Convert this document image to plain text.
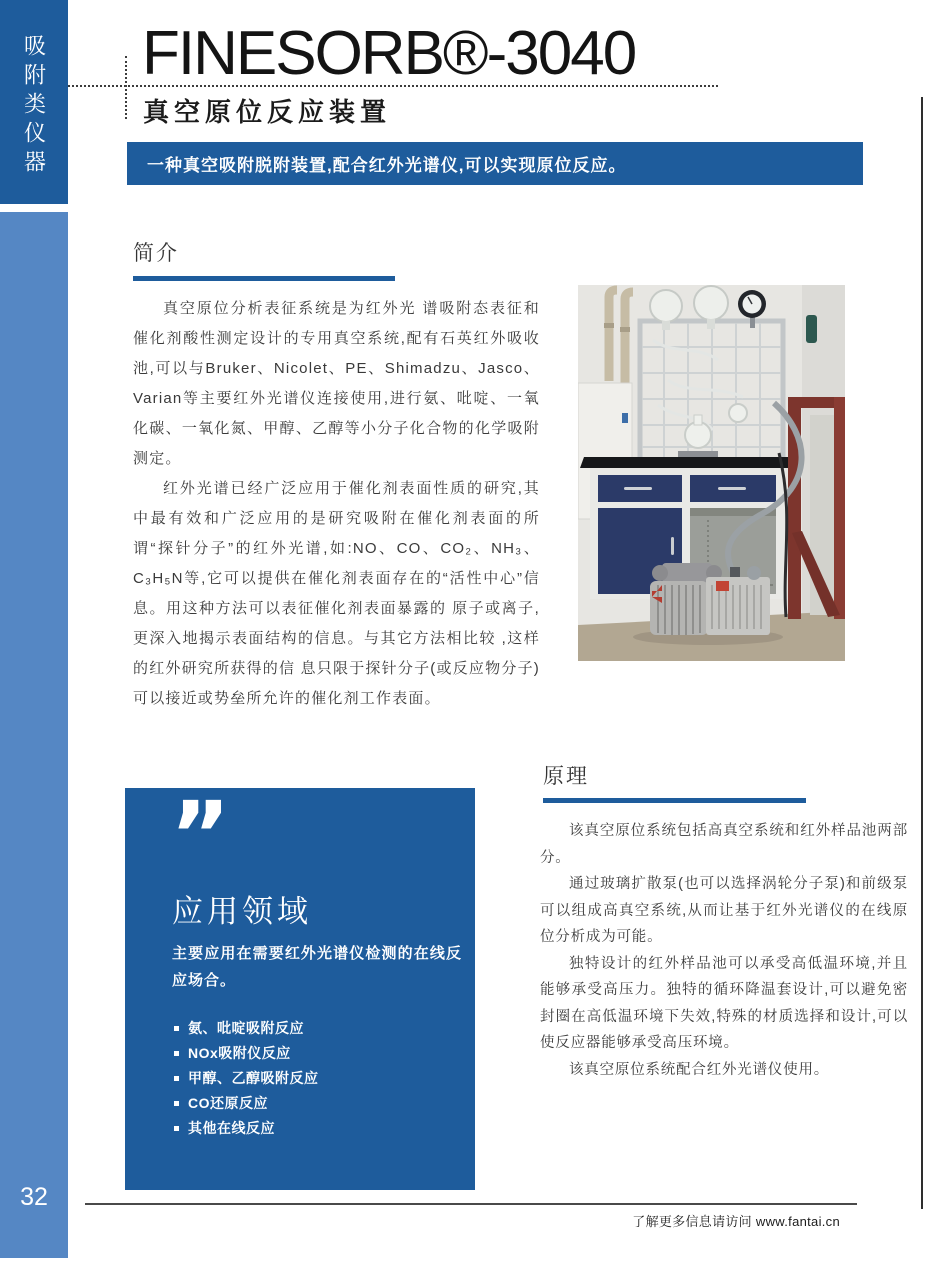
吸附类仪器
32
FINESORB®-3040
真空原位反应装置
一种真空吸附脱附装置,配合红外光谱仪,可以实现原位反应。
简介

真空原位分析表征系统是为红外光 谱吸附态表征和催化剂酸性测定设计的专用真空系统,配有石英红外吸收池,可以与Bruker、Nicolet、PE、Shimadzu、Jasco、Varian等主要红外光谱仪连接使用,进行氨、吡啶、一氧化碳、一氧化氮、甲醇、乙醇等小分子化合物的化学吸附测定。

红外光谱已经广泛应用于催化剂表面性质的研究,其中最有效和广泛应用的是研究吸附在催化剂表面的所谓“探针分子”的红外光谱,如:NO、CO、CO₂、NH₃、C₃H₅N等,它可以提供在催化剂表面存在的“活性中心”信息。用这种方法可以表征催化剂表面暴露的 原子或离子,更深入地揭示表面结构的信息。与其它方法相比较 ,这样的红外研究所获得的信 息只限于探针分子(或反应物分子)可以接近或势垒所允许的催化剂工作表面。

”
应用领域
主要应用在需要红外光谱仪检测的在线反应场合。
氨、吡啶吸附反应
NOx吸附仪反应
甲醇、乙醇吸附反应
CO还原反应
其他在线反应
原理

该真空原位系统包括高真空系统和红外样品池两部分。

通过玻璃扩散泵(也可以选择涡轮分子泵)和前级泵可以组成高真空系统,从而让基于红外光谱仪的在线原位分析成为可能。

独特设计的红外样品池可以承受高低温环境,并且能够承受高压力。独特的循环降温套设计,可以避免密封圈在高低温环境下失效,特殊的材质选择和设计,可以使反应器能够承受高压环境。

该真空原位系统配合红外光谱仪使用。

了解更多信息请访问 www.fantai.cn
